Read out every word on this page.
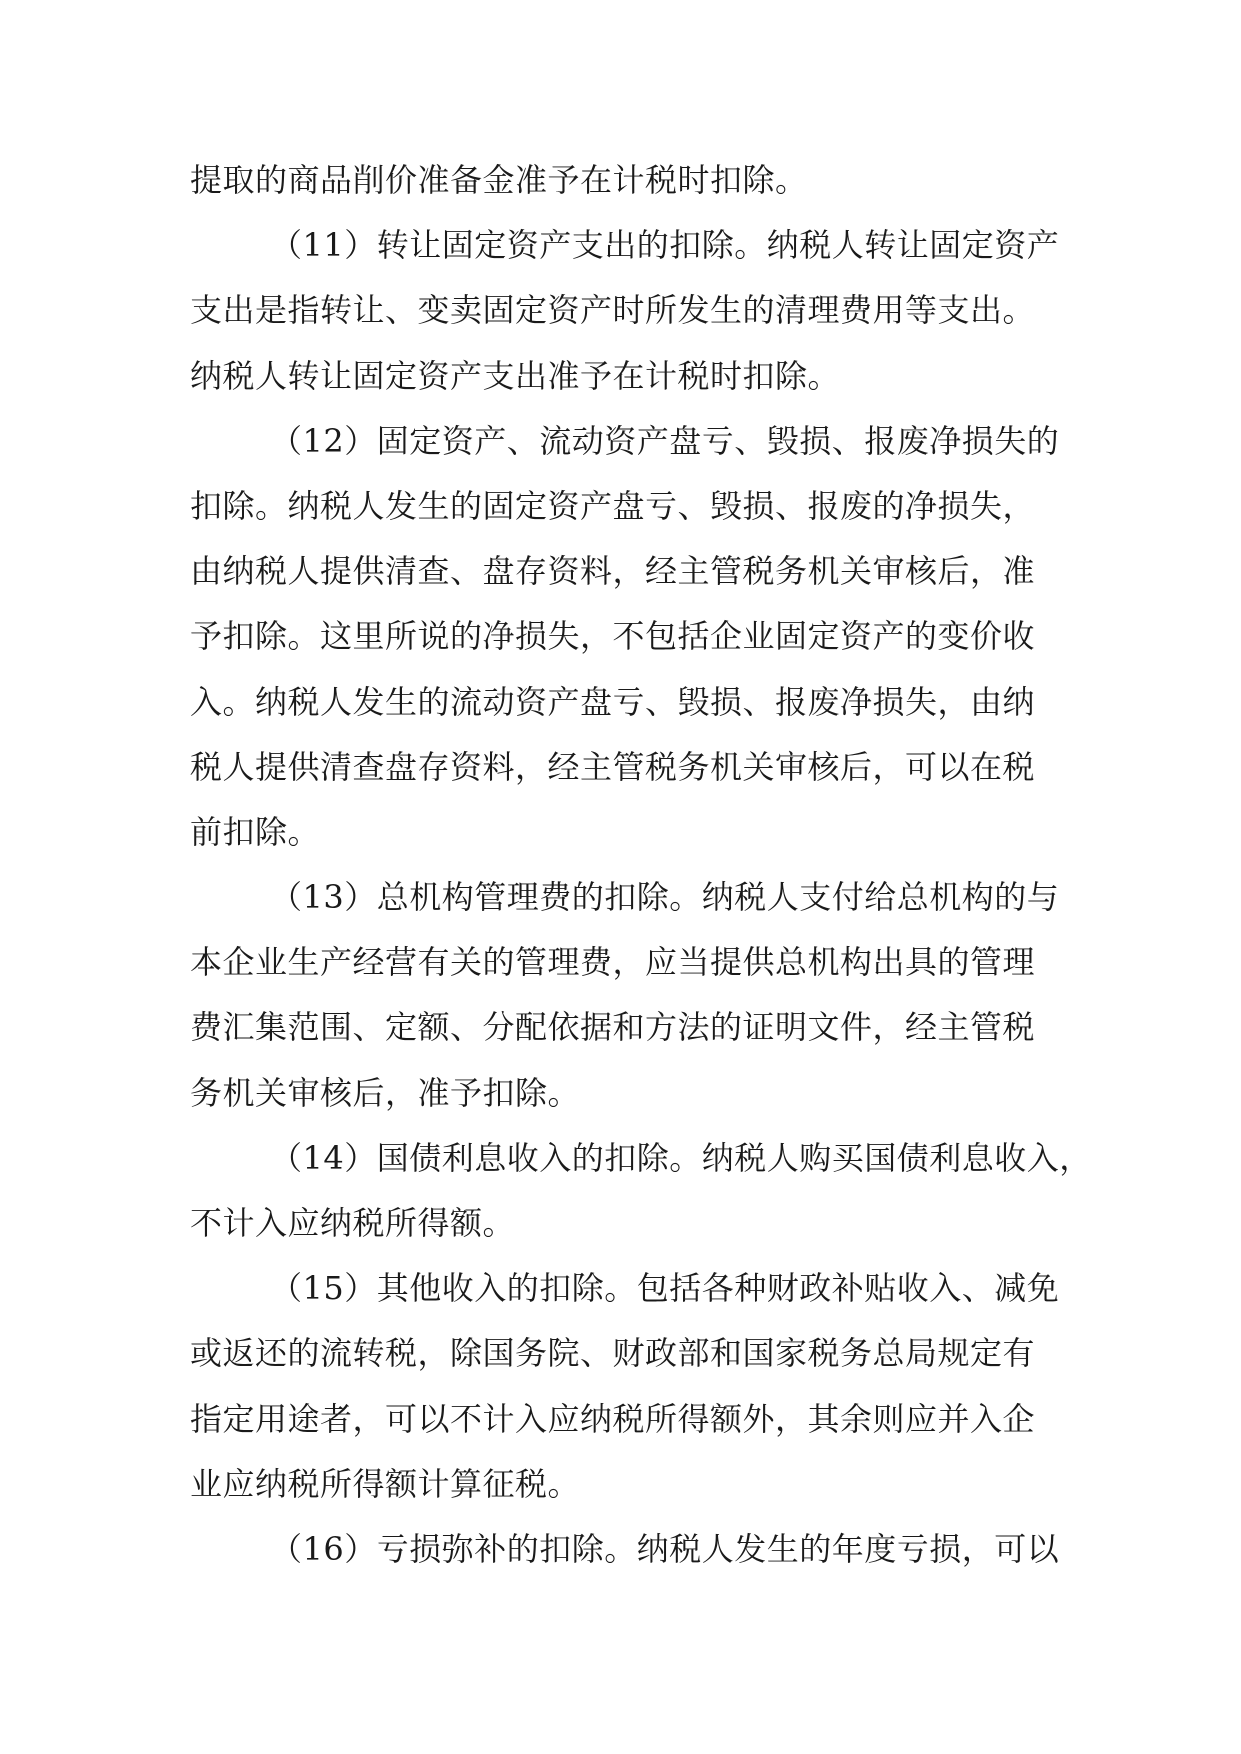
提取的商品削价准备金准予在计税时扣除。
（11）转让固定资产支出的扣除。纳税人转让固定资产
支出是指转让、变卖固定资产时所发生的清理费用等支出。
纳税人转让固定资产支出准予在计税时扣除。
（12）固定资产、流动资产盘亏、毁损、报废净损失的
扣除。纳税人发生的固定资产盘亏、毁损、报废的净损失，
由纳税人提供清查、盘存资料，经主管税务机关审核后，准
予扣除。这里所说的净损失，不包括企业固定资产的变价收
入。纳税人发生的流动资产盘亏、毁损、报废净损失，由纳
税人提供清查盘存资料，经主管税务机关审核后，可以在税
前扣除。
（13）总机构管理费的扣除。纳税人支付给总机构的与
本企业生产经营有关的管理费，应当提供总机构出具的管理
费汇集范围、定额、分配依据和方法的证明文件，经主管税
务机关审核后，准予扣除。
（14）国债利息收入的扣除。纳税人购买国债利息收入，
不计入应纳税所得额。
（15）其他收入的扣除。包括各种财政补贴收入、减免
或返还的流转税，除国务院、财政部和国家税务总局规定有
指定用途者，可以不计入应纳税所得额外，其余则应并入企
业应纳税所得额计算征税。
（16）亏损弥补的扣除。纳税人发生的年度亏损，可以
